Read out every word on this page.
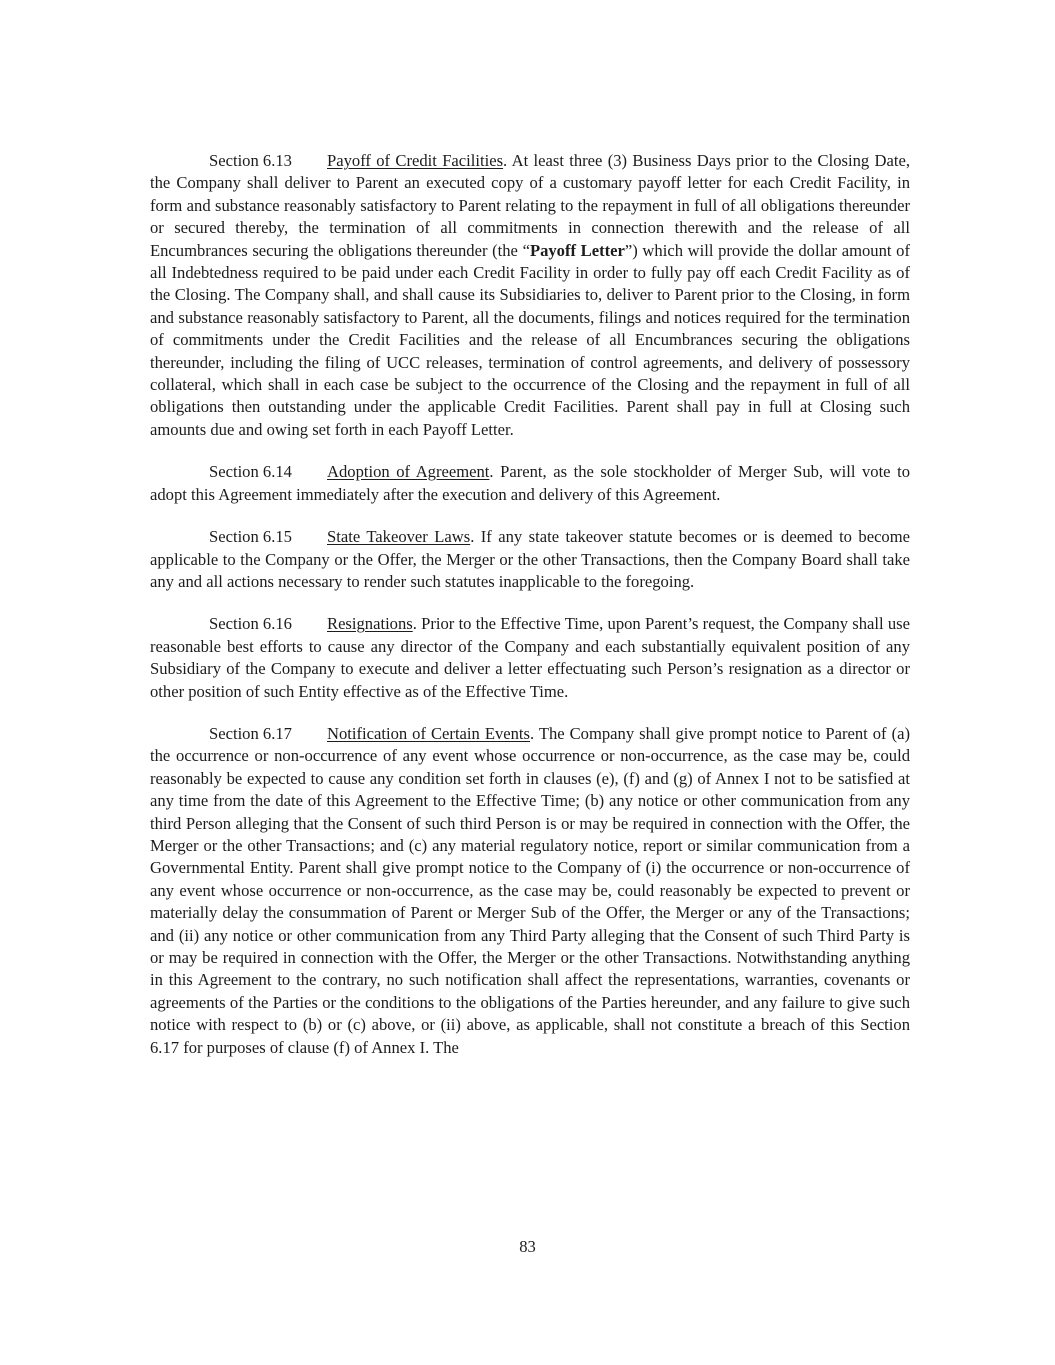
Section 6.13 Payoff of Credit Facilities. At least three (3) Business Days prior to the Closing Date, the Company shall deliver to Parent an executed copy of a customary payoff letter for each Credit Facility, in form and substance reasonably satisfactory to Parent relating to the repayment in full of all obligations thereunder or secured thereby, the termination of all commitments in connection therewith and the release of all Encumbrances securing the obligations thereunder (the “Payoff Letter”) which will provide the dollar amount of all Indebtedness required to be paid under each Credit Facility in order to fully pay off each Credit Facility as of the Closing. The Company shall, and shall cause its Subsidiaries to, deliver to Parent prior to the Closing, in form and substance reasonably satisfactory to Parent, all the documents, filings and notices required for the termination of commitments under the Credit Facilities and the release of all Encumbrances securing the obligations thereunder, including the filing of UCC releases, termination of control agreements, and delivery of possessory collateral, which shall in each case be subject to the occurrence of the Closing and the repayment in full of all obligations then outstanding under the applicable Credit Facilities. Parent shall pay in full at Closing such amounts due and owing set forth in each Payoff Letter.

Section 6.14 Adoption of Agreement. Parent, as the sole stockholder of Merger Sub, will vote to adopt this Agreement immediately after the execution and delivery of this Agreement.

Section 6.15 State Takeover Laws. If any state takeover statute becomes or is deemed to become applicable to the Company or the Offer, the Merger or the other Transactions, then the Company Board shall take any and all actions necessary to render such statutes inapplicable to the foregoing.

Section 6.16 Resignations. Prior to the Effective Time, upon Parent’s request, the Company shall use reasonable best efforts to cause any director of the Company and each substantially equivalent position of any Subsidiary of the Company to execute and deliver a letter effectuating such Person’s resignation as a director or other position of such Entity effective as of the Effective Time.

Section 6.17 Notification of Certain Events. The Company shall give prompt notice to Parent of (a) the occurrence or non-occurrence of any event whose occurrence or non-occurrence, as the case may be, could reasonably be expected to cause any condition set forth in clauses (e), (f) and (g) of Annex I not to be satisfied at any time from the date of this Agreement to the Effective Time; (b) any notice or other communication from any third Person alleging that the Consent of such third Person is or may be required in connection with the Offer, the Merger or the other Transactions; and (c) any material regulatory notice, report or similar communication from a Governmental Entity. Parent shall give prompt notice to the Company of (i) the occurrence or non-occurrence of any event whose occurrence or non-occurrence, as the case may be, could reasonably be expected to prevent or materially delay the consummation of Parent or Merger Sub of the Offer, the Merger or any of the Transactions; and (ii) any notice or other communication from any Third Party alleging that the Consent of such Third Party is or may be required in connection with the Offer, the Merger or the other Transactions. Notwithstanding anything in this Agreement to the contrary, no such notification shall affect the representations, warranties, covenants or agreements of the Parties or the conditions to the obligations of the Parties hereunder, and any failure to give such notice with respect to (b) or (c) above, or (ii) above, as applicable, shall not constitute a breach of this Section 6.17 for purposes of clause (f) of Annex I. The

83
